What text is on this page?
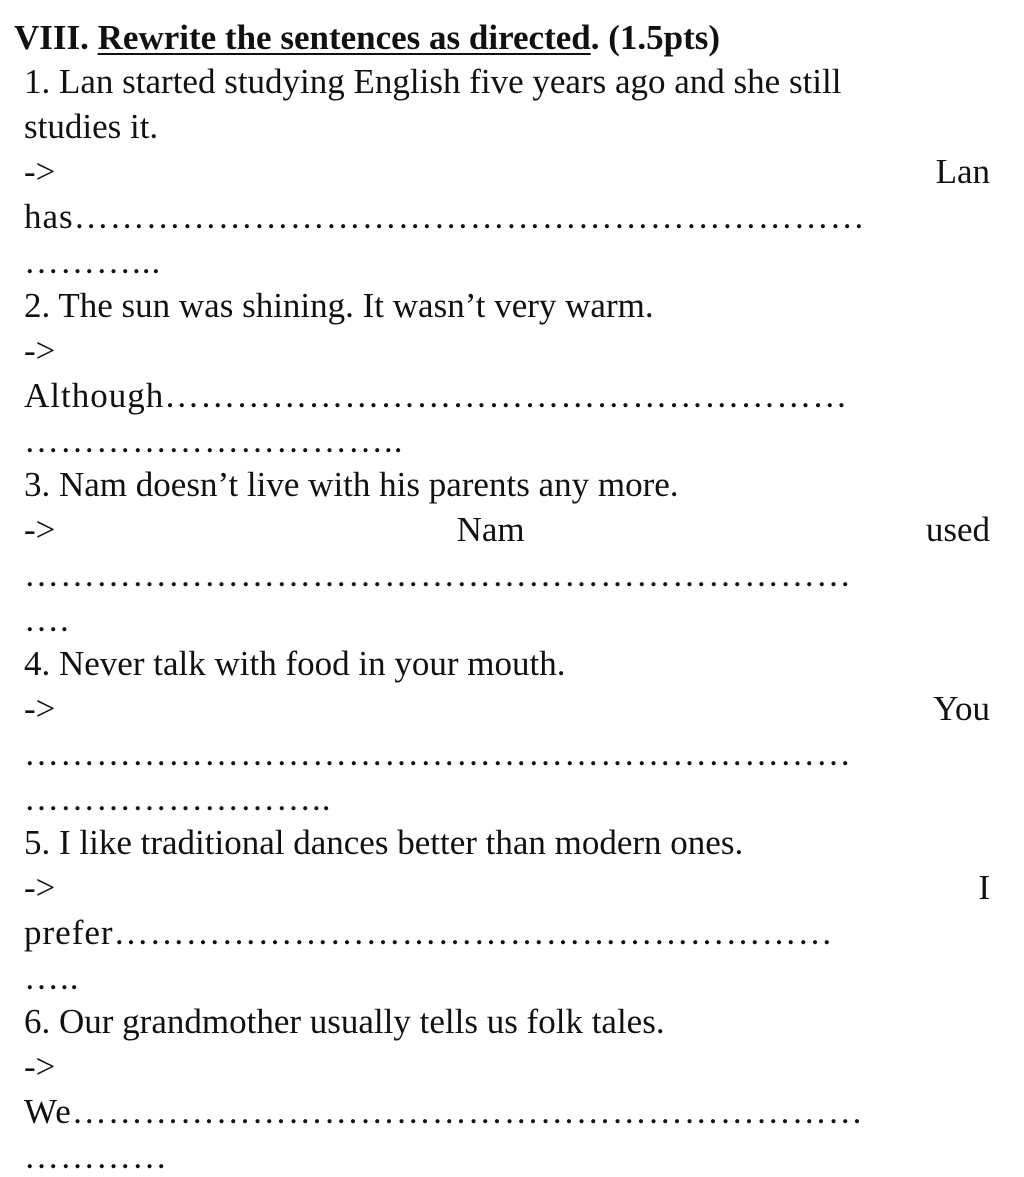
VIII. Rewrite the sentences as directed. (1.5pts)
1. Lan started studying English five years ago and she still
studies it.
->	Lan
has…………………………………………………………
………...
2. The sun was shining. It wasn’t very warm.
->
Although…………………………………………………
…………………………..
3. Nam doesn’t live with his parents any more.
->	Nam	used
……………………………………………………………
….
4. Never talk with food in your mouth.
->	You
……………………………………………………………
……………………..
5. I like traditional dances better than modern ones.
->	I
prefer……………………………………………………
…..
6. Our grandmother usually tells us folk tales.
->
We…………………………………………………………
…………
